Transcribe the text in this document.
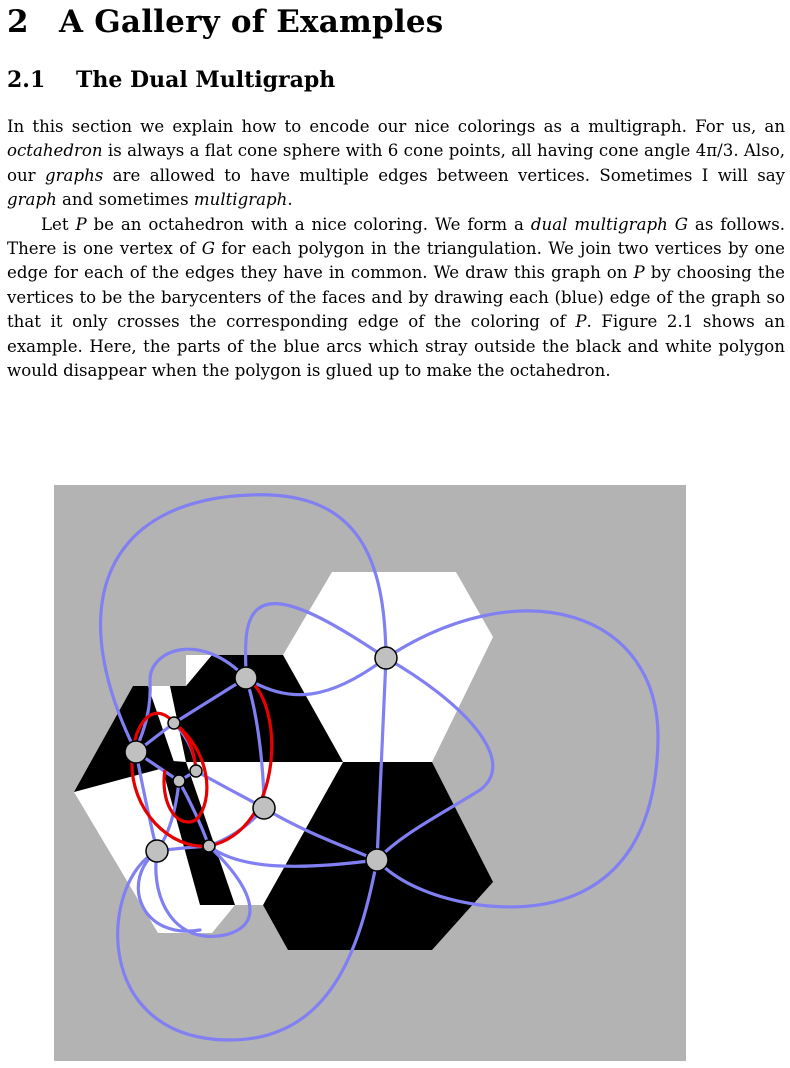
2 A Gallery of Examples
2.1 The Dual Multigraph

In this section we explain how to encode our nice colorings as a multigraph. For us, an octahedron is always a flat cone sphere with 6 cone points, all having cone angle 4π/3. Also, our graphs are allowed to have multiple edges between vertices. Sometimes I will say graph and sometimes multigraph.

Let P be an octahedron with a nice coloring. We form a dual multigraph G as follows. There is one vertex of G for each polygon in the triangulation. We join two vertices by one edge for each of the edges they have in common. We draw this graph on P by choosing the vertices to be the barycenters of the faces and by drawing each (blue) edge of the graph so that it only crosses the corresponding edge of the coloring of P. Figure 2.1 shows an example. Here, the parts of the blue arcs which stray outside the black and white polygon would disappear when the polygon is glued up to make the octahedron.
